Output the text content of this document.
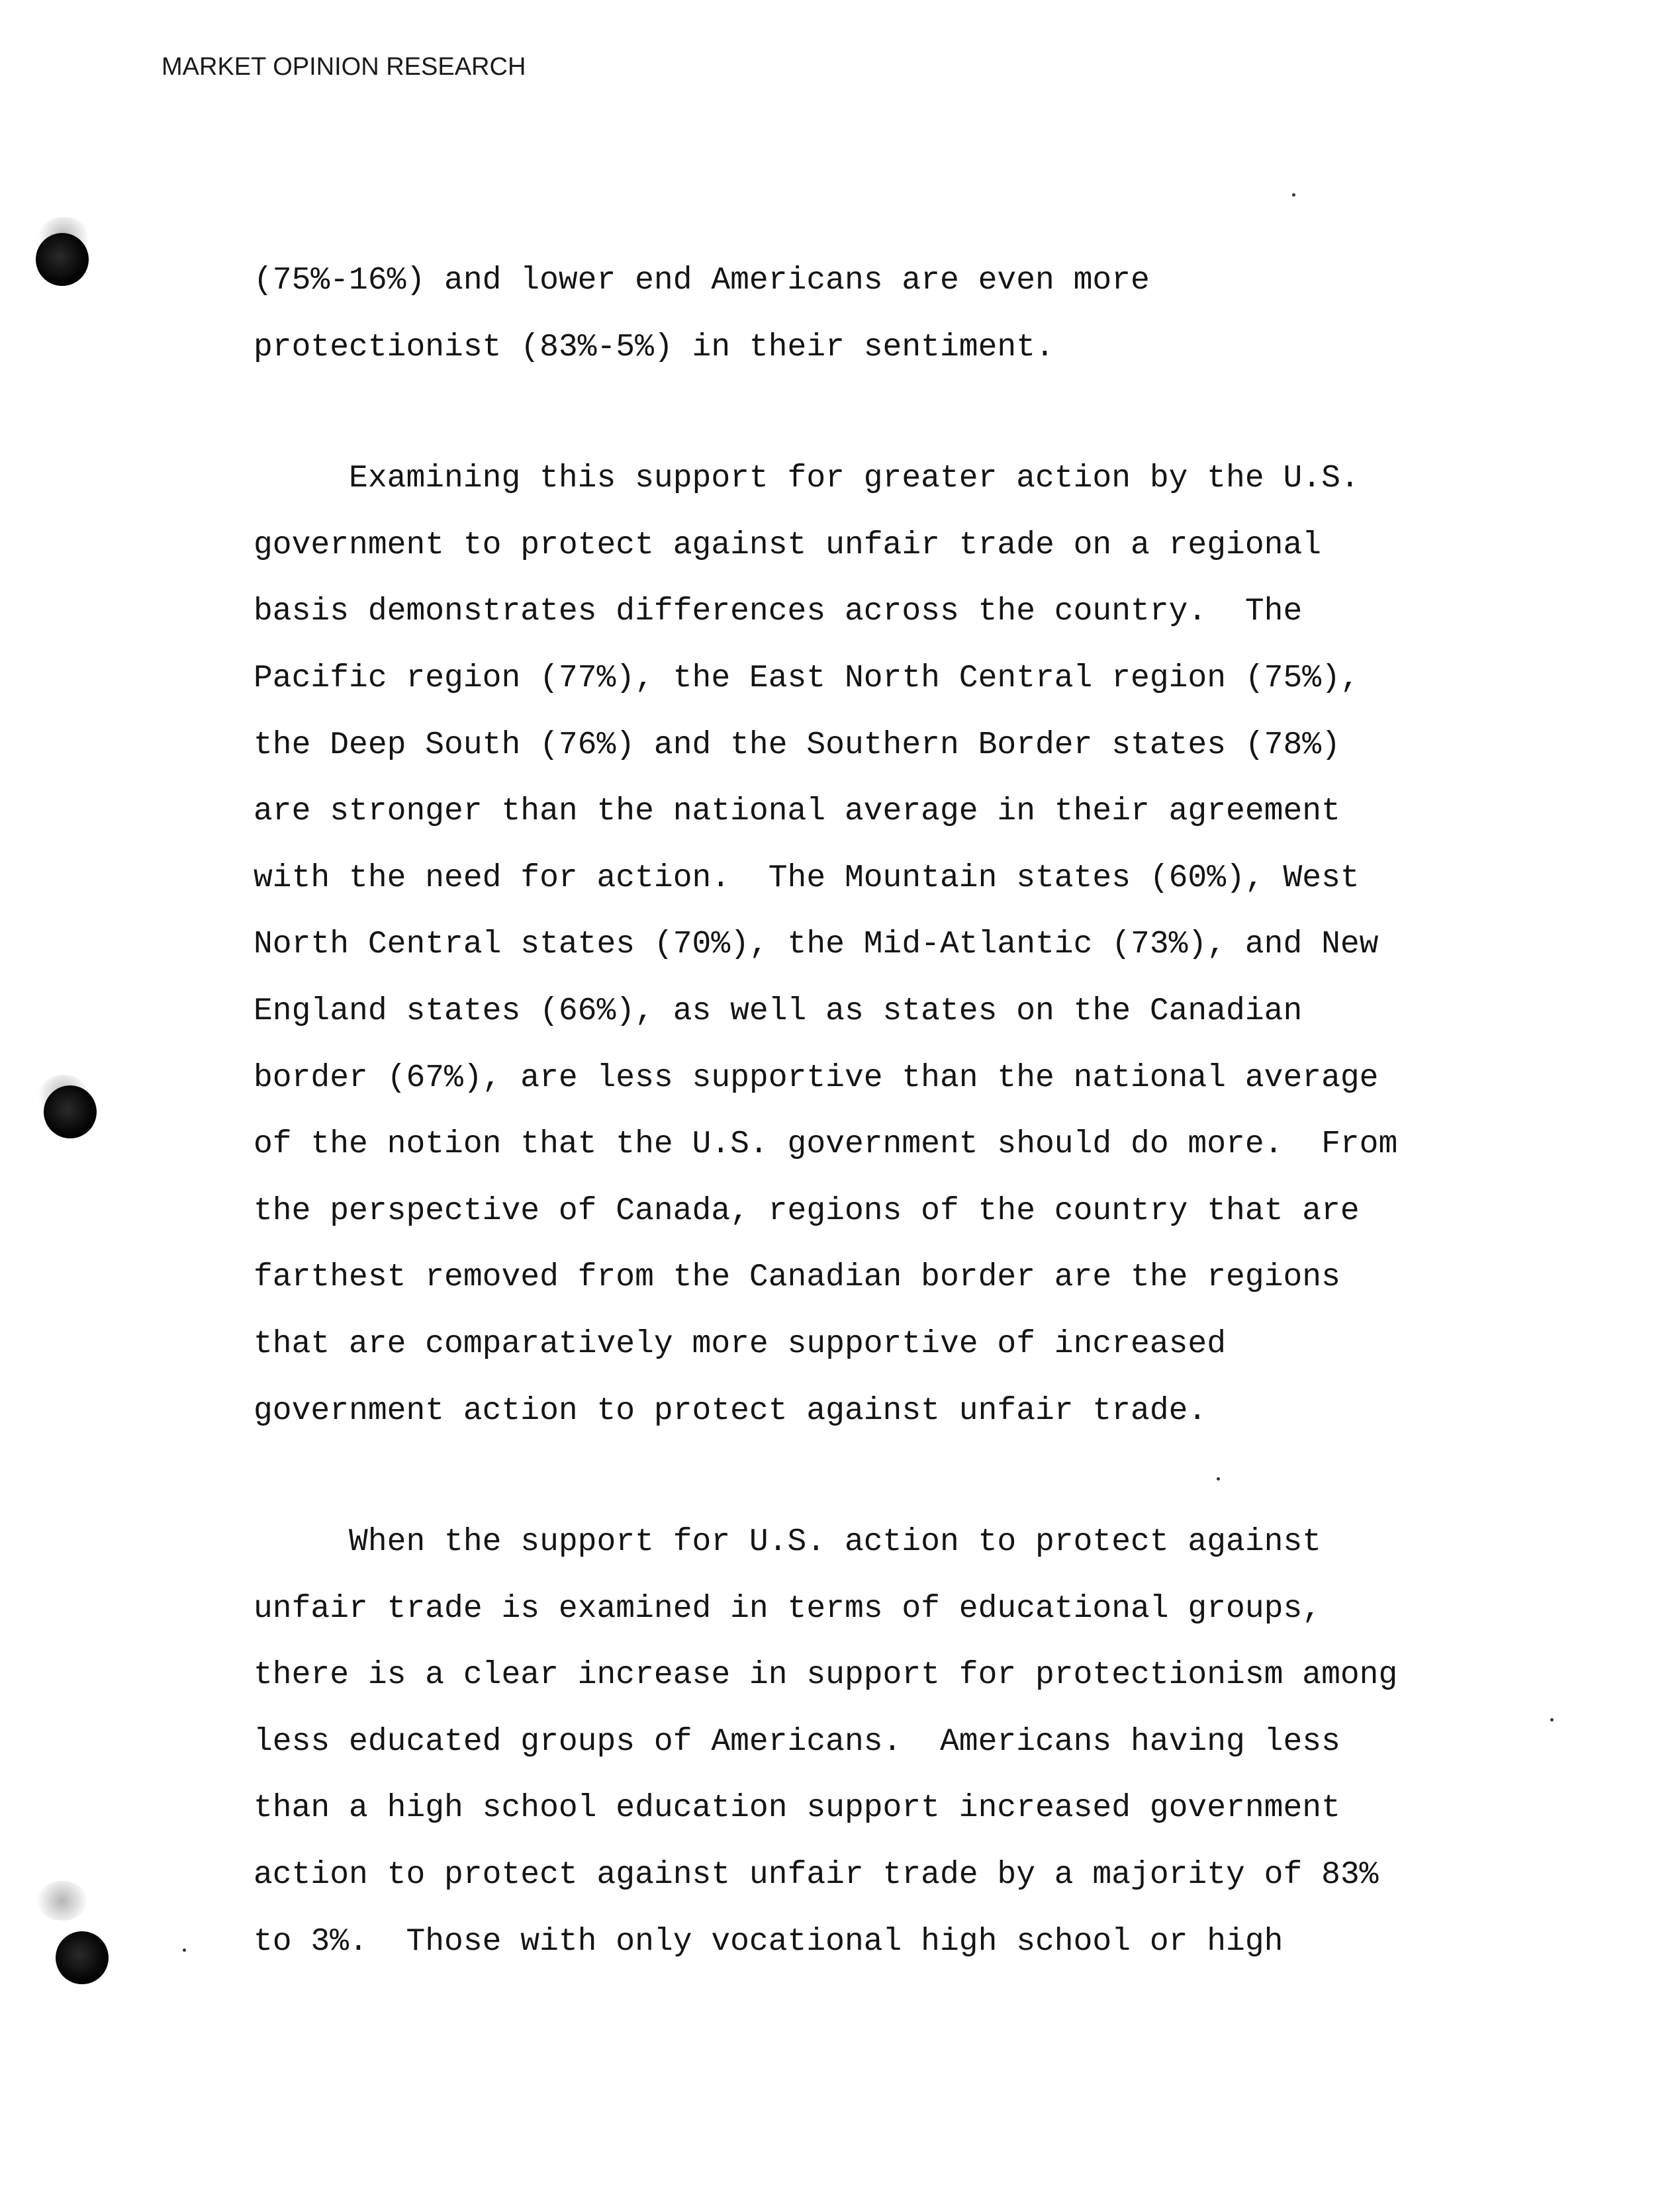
MARKET OPINION RESEARCH
(75%-16%) and lower end Americans are even more
protectionist (83%-5%) in their sentiment.
Examining this support for greater action by the U.S.
government to protect against unfair trade on a regional
basis demonstrates differences across the country.  The
Pacific region (77%), the East North Central region (75%),
the Deep South (76%) and the Southern Border states (78%)
are stronger than the national average in their agreement
with the need for action.  The Mountain states (60%), West
North Central states (70%), the Mid-Atlantic (73%), and New
England states (66%), as well as states on the Canadian
border (67%), are less supportive than the national average
of the notion that the U.S. government should do more.  From
the perspective of Canada, regions of the country that are
farthest removed from the Canadian border are the regions
that are comparatively more supportive of increased
government action to protect against unfair trade.
When the support for U.S. action to protect against
unfair trade is examined in terms of educational groups,
there is a clear increase in support for protectionism among
less educated groups of Americans.  Americans having less
than a high school education support increased government
action to protect against unfair trade by a majority of 83%
to 3%.  Those with only vocational high school or high
